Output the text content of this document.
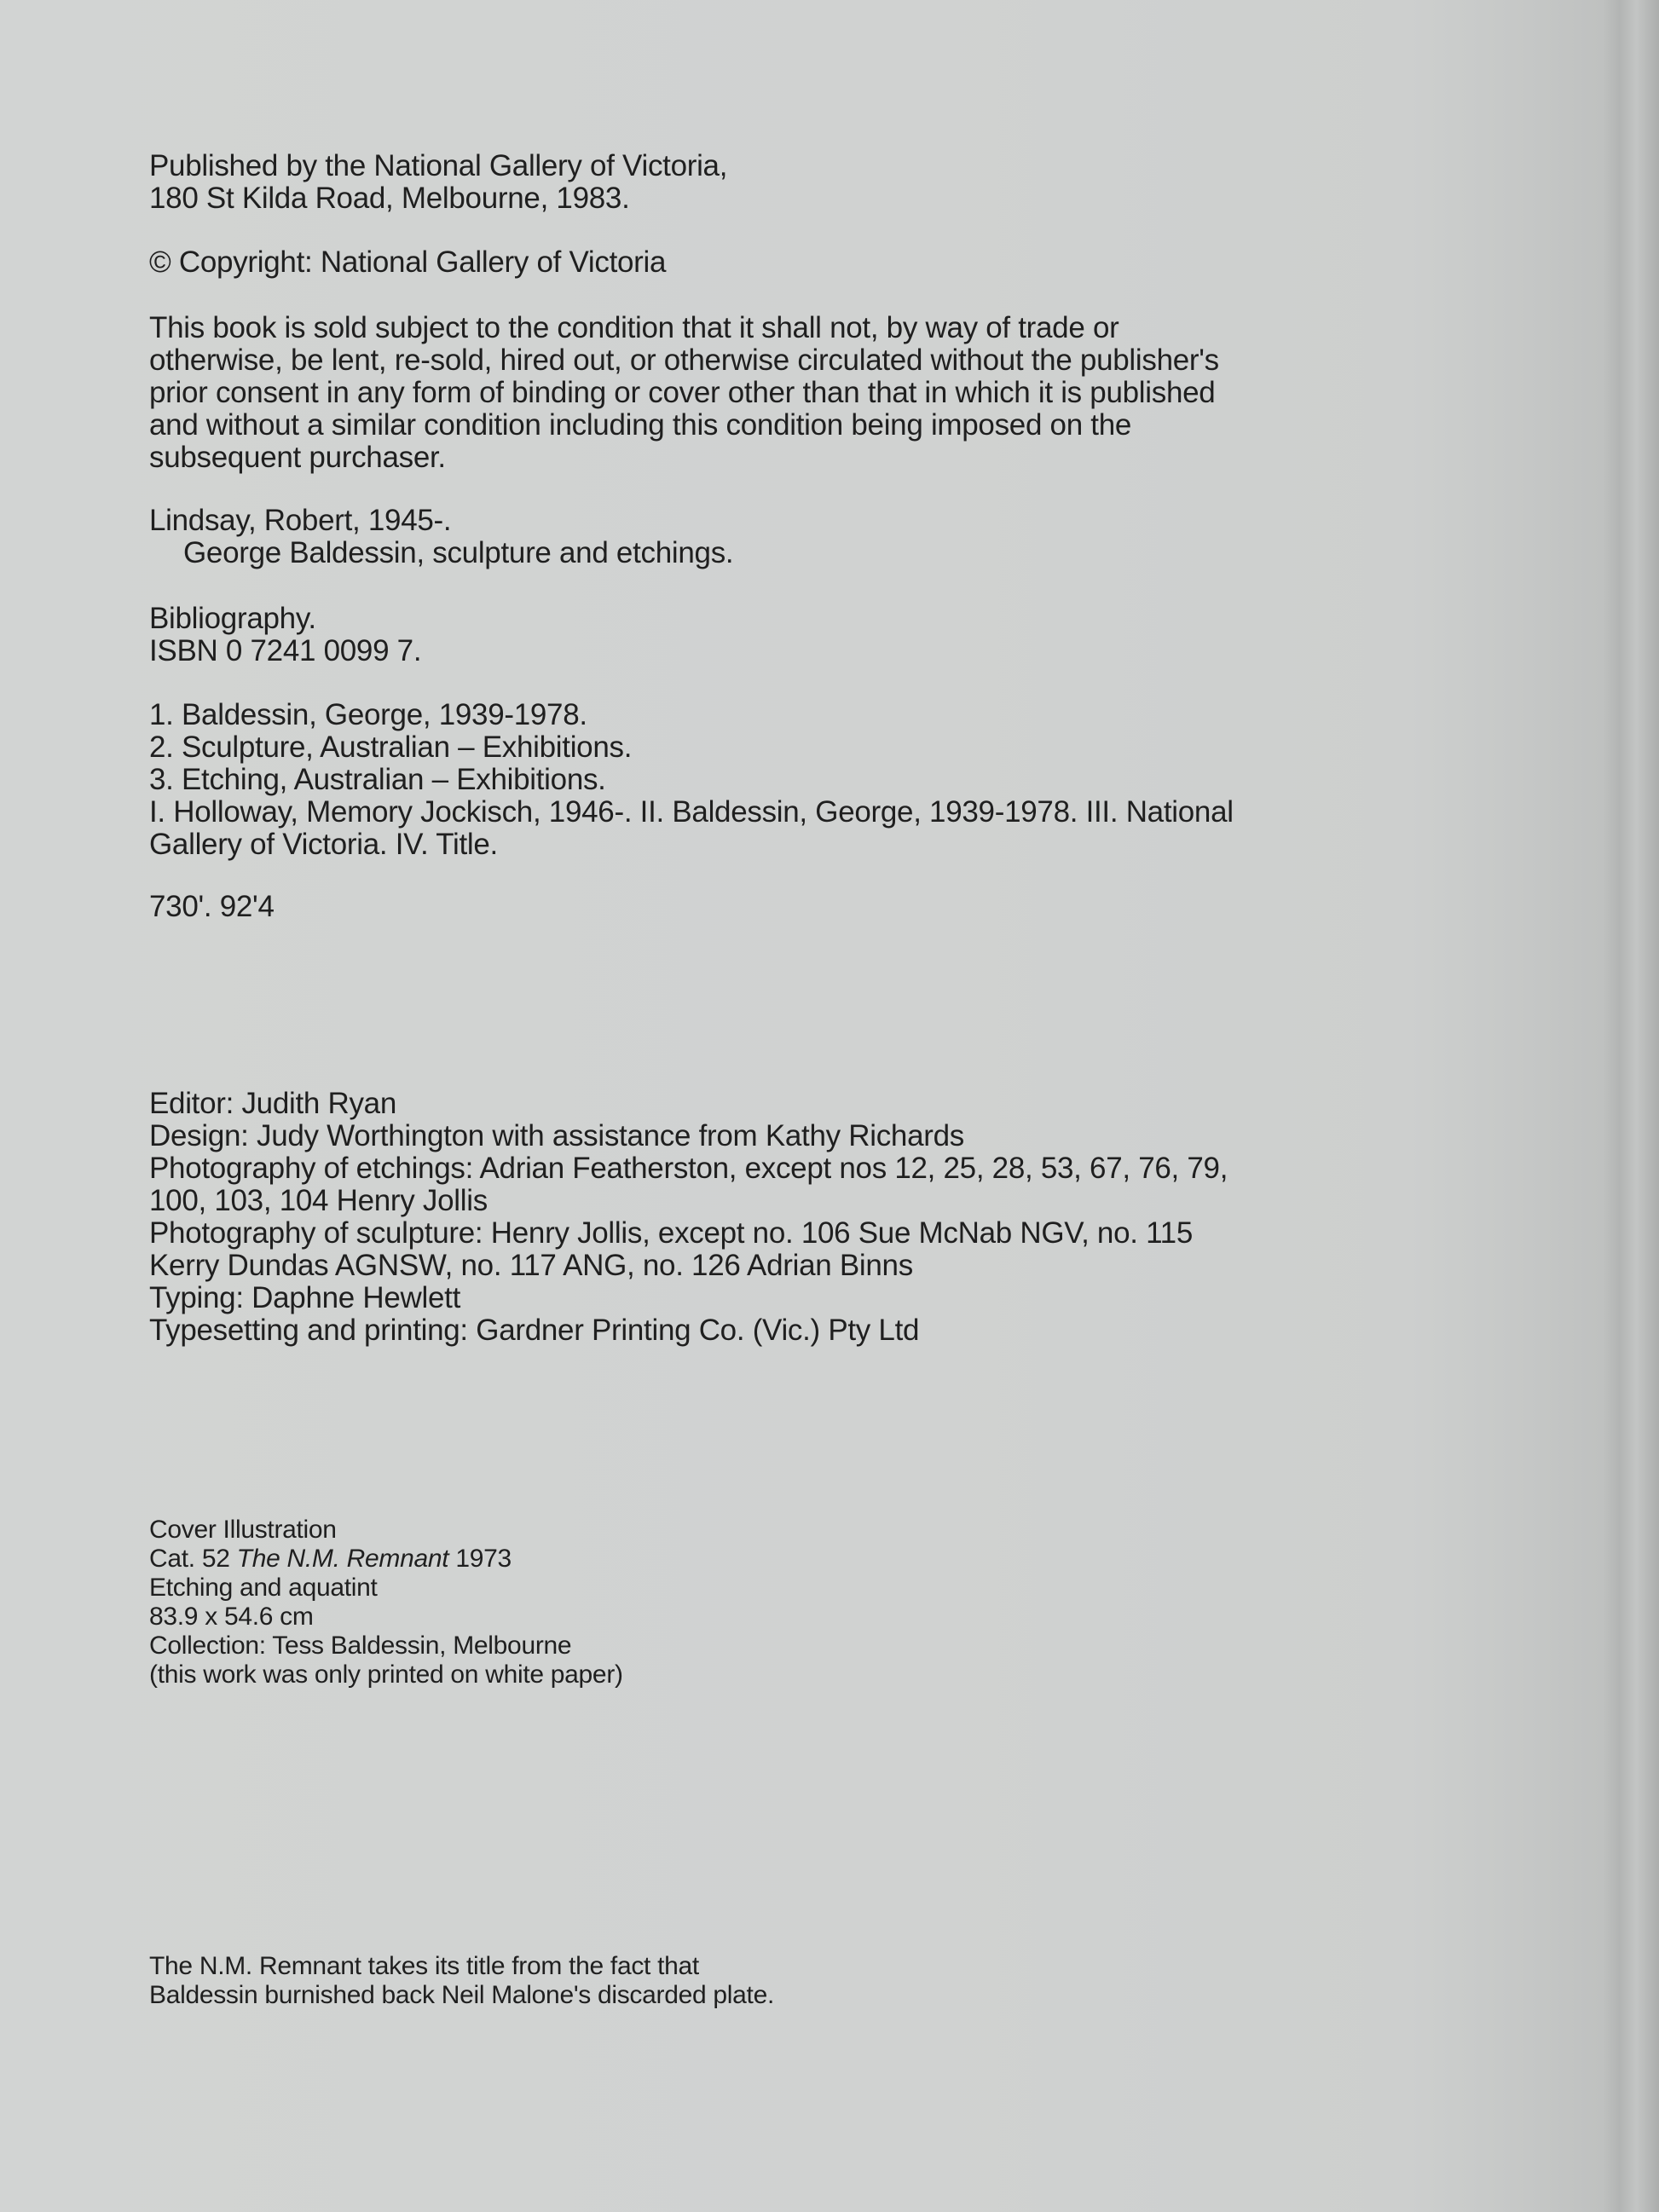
Published by the National Gallery of Victoria,
180 St Kilda Road, Melbourne, 1983.
© Copyright: National Gallery of Victoria
This book is sold subject to the condition that it shall not, by way of trade or
otherwise, be lent, re-sold, hired out, or otherwise circulated without the publisher's
prior consent in any form of binding or cover other than that in which it is published
and without a similar condition including this condition being imposed on the
subsequent purchaser.
Lindsay, Robert, 1945-.
George Baldessin, sculpture and etchings.
Bibliography.
ISBN 0 7241 0099 7.
1. Baldessin, George, 1939-1978.
2. Sculpture, Australian – Exhibitions.
3. Etching, Australian – Exhibitions.
I. Holloway, Memory Jockisch, 1946-. II. Baldessin, George, 1939-1978. III. National
Gallery of Victoria. IV. Title.
730'. 92'4
Editor: Judith Ryan
Design: Judy Worthington with assistance from Kathy Richards
Photography of etchings: Adrian Featherston, except nos 12, 25, 28, 53, 67, 76, 79,
100, 103, 104 Henry Jollis
Photography of sculpture: Henry Jollis, except no. 106 Sue McNab NGV, no. 115
Kerry Dundas AGNSW, no. 117 ANG, no. 126 Adrian Binns
Typing: Daphne Hewlett
Typesetting and printing: Gardner Printing Co. (Vic.) Pty Ltd
Cover Illustration
Cat. 52 The N.M. Remnant 1973
Etching and aquatint
83.9 x 54.6 cm
Collection: Tess Baldessin, Melbourne
(this work was only printed on white paper)
The N.M. Remnant takes its title from the fact that
Baldessin burnished back Neil Malone's discarded plate.
